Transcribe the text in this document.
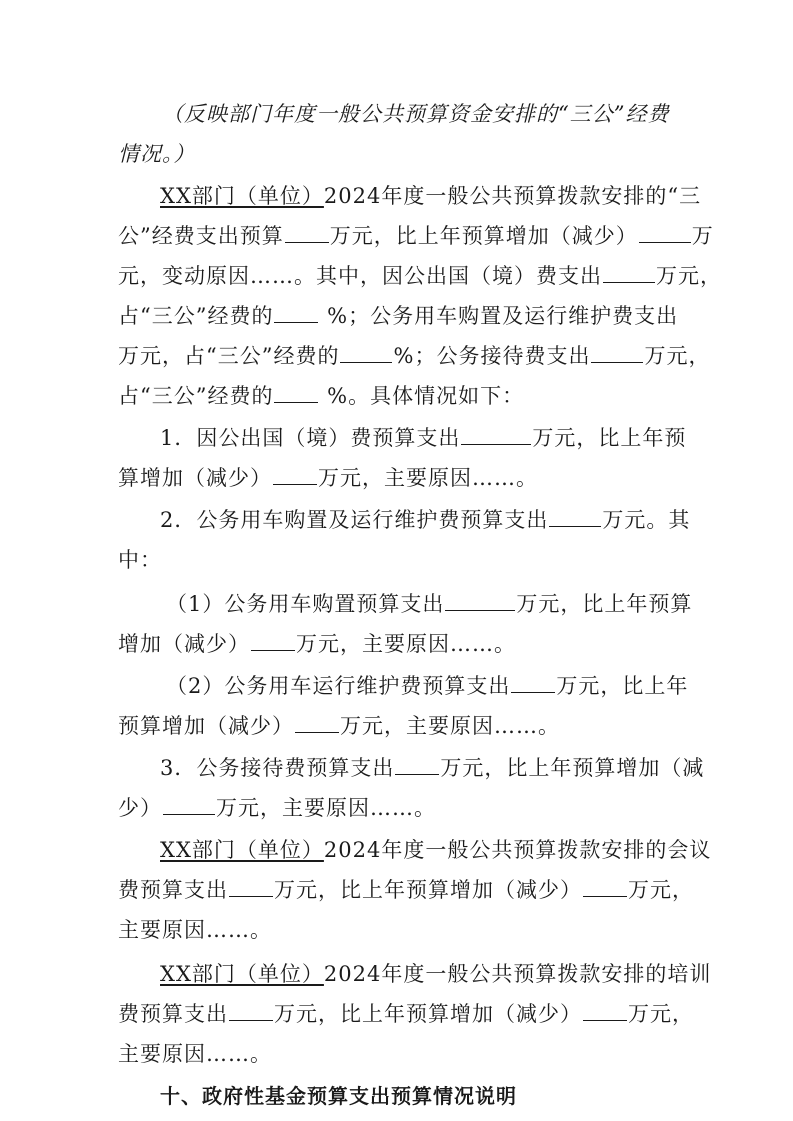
（反映部门年度一般公共预算资金安排的“三公”经费
情况。）
XX部门（单位）2024年度一般公共预算拨款安排的“三
公”经费支出预算 万元，比上年预算增加（减少）	万
元，变动原因……。其中，因公出国（境）费支出	万元，
占“三公”经费的	%；公务用车购置及运行维护费支出
万元，占“三公”经费的	%；公务接待费支出	万元，
占“三公”经费的	%。具体情况如下：
1．因公出国（境）费预算支出	万元，比上年预
算增加（减少） 万元，主要原因……。
2．公务用车购置及运行维护费预算支出	万元。其
中：
（1）公务用车购置预算支出	万元，比上年预算
增加（减少） 万元，主要原因……。
（2）公务用车运行维护费预算支出 万元，比上年
预算增加（减少） 万元，主要原因……。
3．公务接待费预算支出 万元，比上年预算增加（减
少）	万元，主要原因……。
XX部门（单位）2024年度一般公共预算拨款安排的会议
费预算支出 万元，比上年预算增加（减少） 万元，
主要原因……。
XX部门（单位）2024年度一般公共预算拨款安排的培训
费预算支出 万元，比上年预算增加（减少） 万元，
主要原因……。
十、政府性基金预算支出预算情况说明
